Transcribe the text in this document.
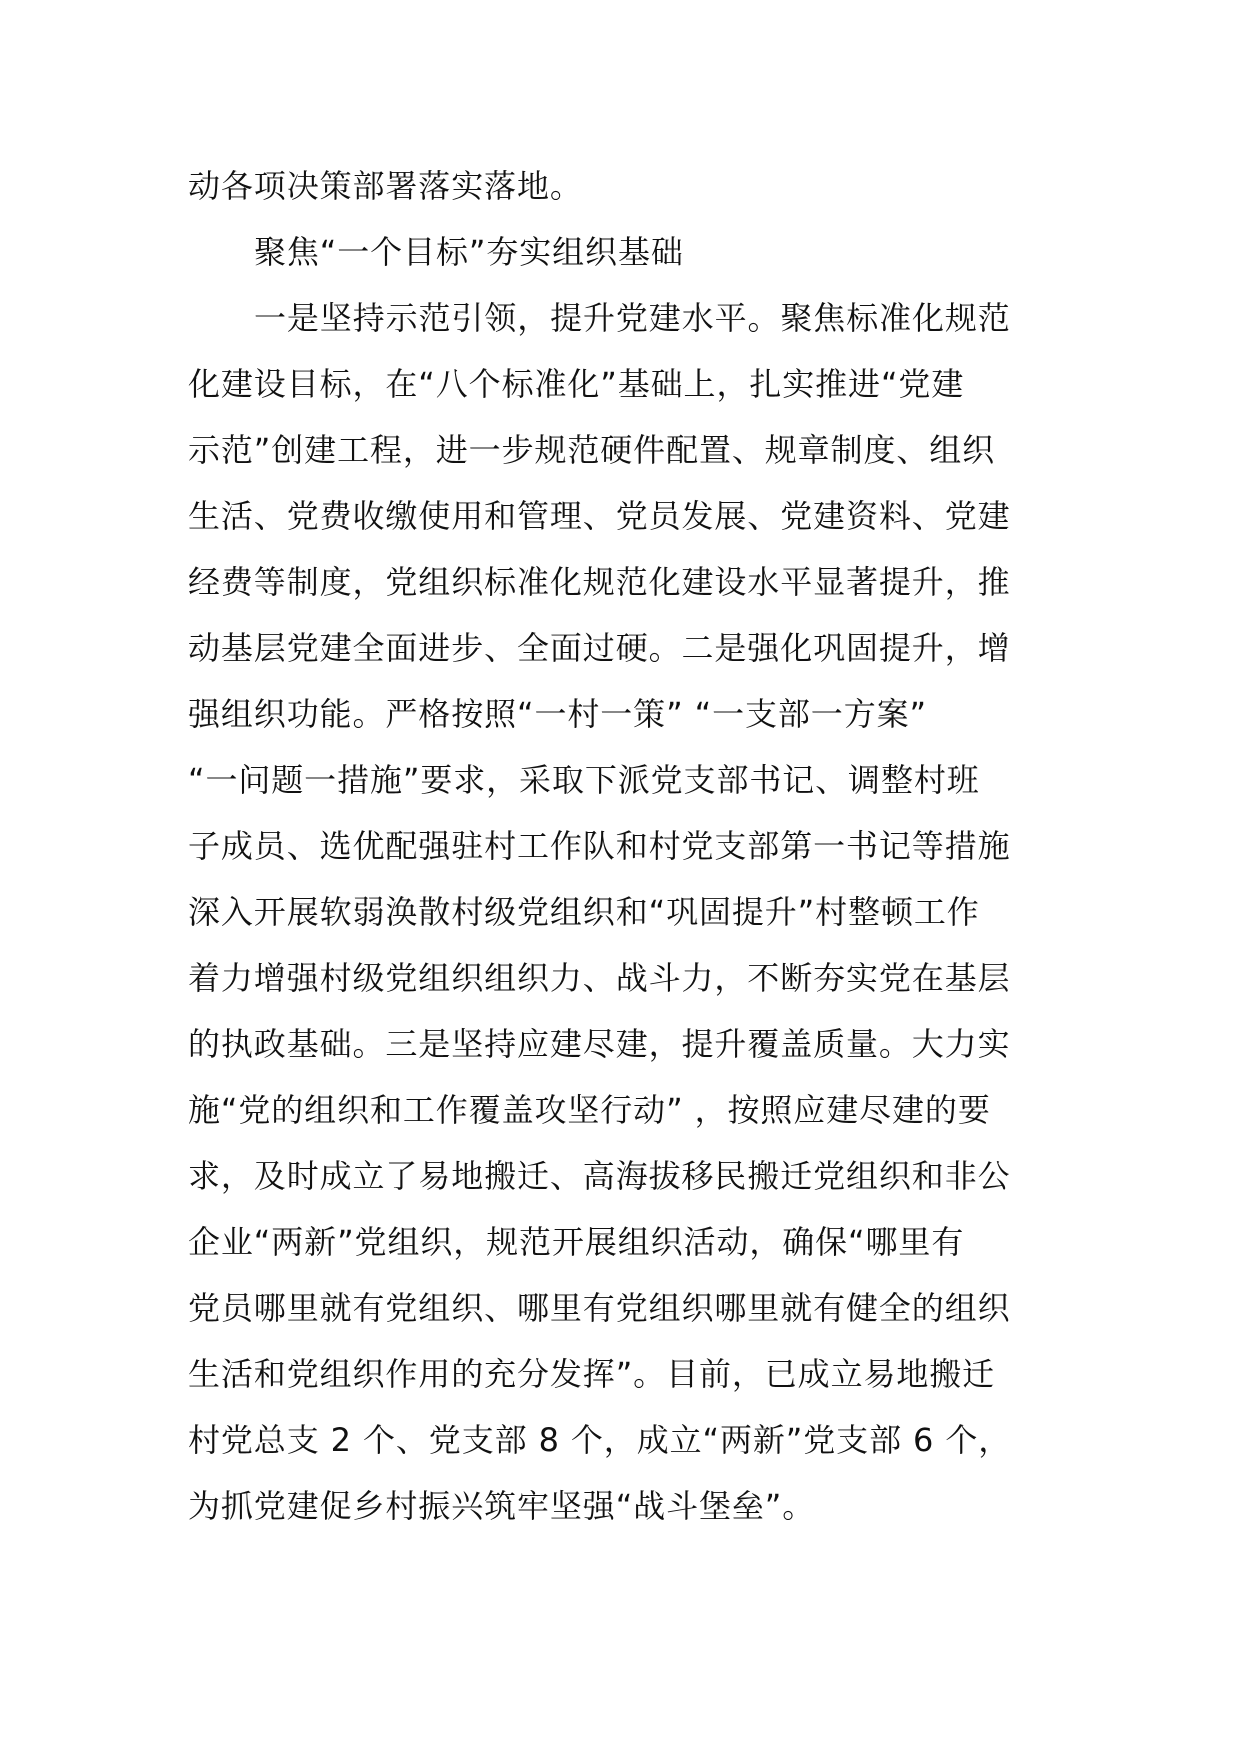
动各项决策部署落实落地。
聚焦“一个目标”夯实组织基础
一是坚持示范引领，提升党建水平。聚焦标准化规范
化建设目标，在“八个标准化”基础上，扎实推进“党建
示范”创建工程，进一步规范硬件配置、规章制度、组织
生活、党费收缴使用和管理、党员发展、党建资料、党建
经费等制度，党组织标准化规范化建设水平显著提升，推
动基层党建全面进步、全面过硬。二是强化巩固提升，增
强组织功能。严格按照“一村一策” “一支部一方案”
“一问题一措施”要求，采取下派党支部书记、调整村班
子成员、选优配强驻村工作队和村党支部第一书记等措施
深入开展软弱涣散村级党组织和“巩固提升”村整顿工作
着力增强村级党组织组织力、战斗力，不断夯实党在基层
的执政基础。三是坚持应建尽建，提升覆盖质量。大力实
施“党的组织和工作覆盖攻坚行动” ，按照应建尽建的要
求，及时成立了易地搬迁、高海拔移民搬迁党组织和非公
企业“两新”党组织，规范开展组织活动，确保“哪里有
党员哪里就有党组织、哪里有党组织哪里就有健全的组织
生活和党组织作用的充分发挥”。目前，已成立易地搬迁
村党总支 2 个、党支部 8 个，成立“两新”党支部 6 个，
为抓党建促乡村振兴筑牢坚强“战斗堡垒”。
